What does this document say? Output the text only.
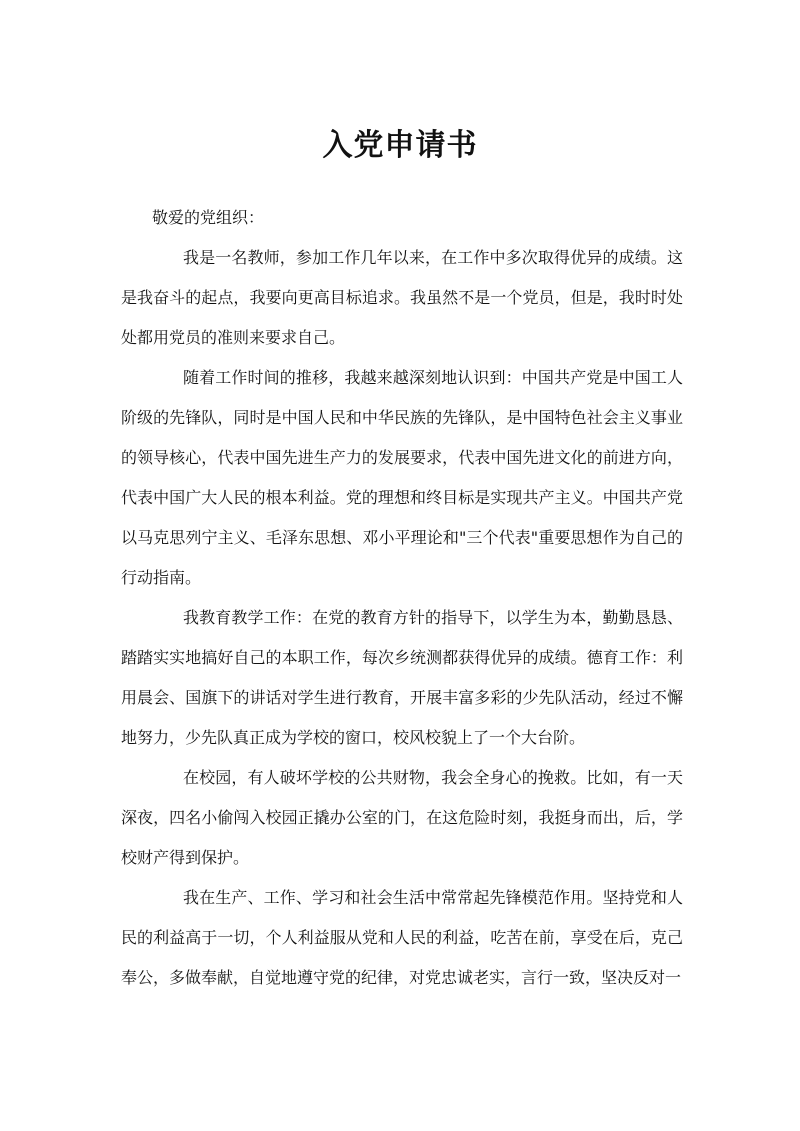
入党申请书

敬爱的党组织：

我是一名教师，参加工作几年以来，在工作中多次取得优异的成绩。这是我奋斗的起点，我要向更高目标追求。我虽然不是一个党员，但是，我时时处处都用党员的准则来要求自己。

随着工作时间的推移，我越来越深刻地认识到：中国共产党是中国工人阶级的先锋队，同时是中国人民和中华民族的先锋队，是中国特色社会主义事业的领导核心，代表中国先进生产力的发展要求，代表中国先进文化的前进方向，代表中国广大人民的根本利益。党的理想和终目标是实现共产主义。中国共产党以马克思列宁主义、毛泽东思想、邓小平理论和"三个代表"重要思想作为自己的行动指南。

我教育教学工作：在党的教育方针的指导下，以学生为本，勤勤恳恳、踏踏实实地搞好自己的本职工作，每次乡统测都获得优异的成绩。德育工作：利用晨会、国旗下的讲话对学生进行教育，开展丰富多彩的少先队活动，经过不懈地努力，少先队真正成为学校的窗口，校风校貌上了一个大台阶。

在校园，有人破坏学校的公共财物，我会全身心的挽救。比如，有一天深夜，四名小偷闯入校园正撬办公室的门，在这危险时刻，我挺身而出，后，学校财产得到保护。

我在生产、工作、学习和社会生活中常常起先锋模范作用。坚持党和人民的利益高于一切，个人利益服从党和人民的利益，吃苦在前，享受在后，克己奉公，多做奉献，自觉地遵守党的纪律，对党忠诚老实，言行一致，坚决反对一
